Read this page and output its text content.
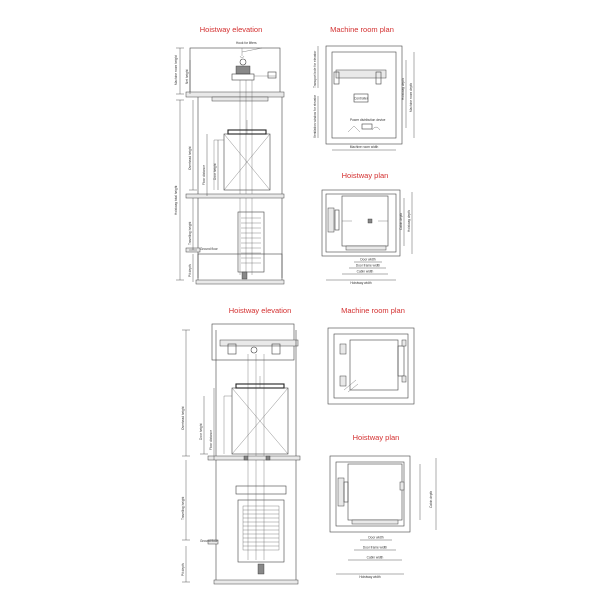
Hoistway elevation	Machine room plan
Hoistway plan
Hook for lifters
Machine room height Net height
Overhead height
Floor distance Door height
Hoistway total height
Travelling height
Ground floor
Pit depth
Controller
Transport hole for elevator
Ventilation window for elevator	Power distribution device
Hoistway depth Machine room depth
Machine room width
Cabin depth Hoistway depth
Door width
Door frame width
Cabin width
Hoistway width
Hoistway elevation	Machine room plan
Hoistway plan
Overhead height
Door height Floor distance
Travelling height
Ground floor
Pit depth
Cabin depth
Door width
Door frame width
Cabin width
Hoistway width
